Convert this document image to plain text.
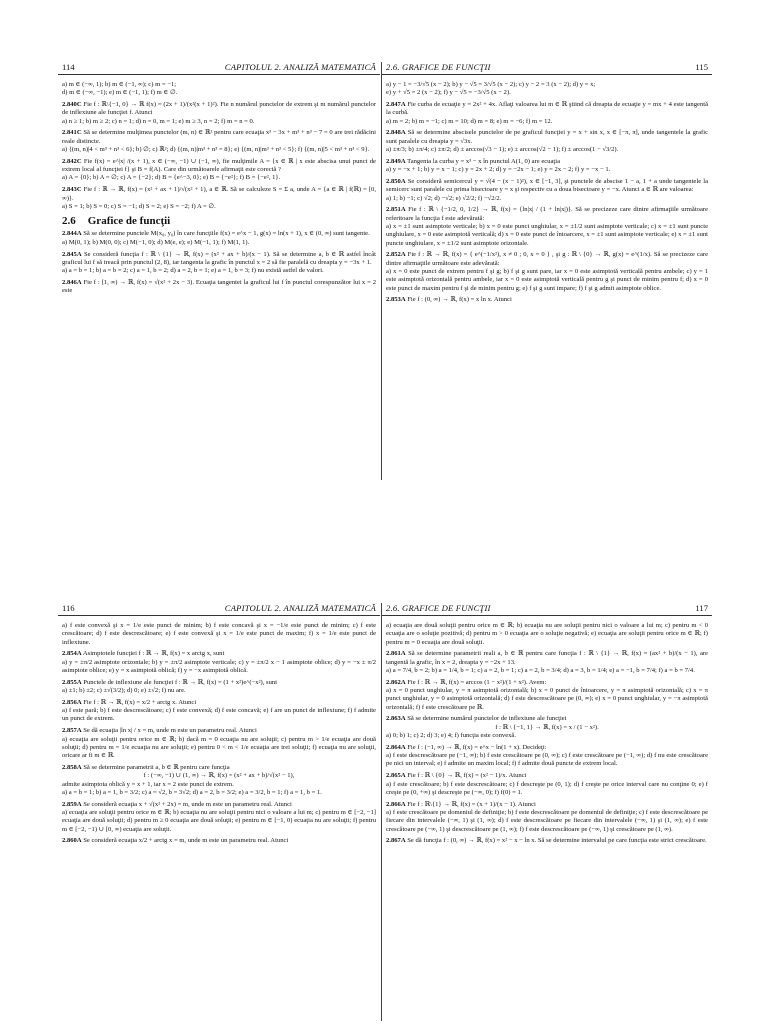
114	CAPITOLUL 2. ANALIZĂ MATEMATICĂ
a) m ∈ (−∞, 1); b) m ∈ (−1, ∞); c) m = −1;
d) m ∈ (−∞, −1); e) m ∈ (−1, 1); f) m ∈ ∅.
2.840C Fie f : ℝ\{−1, 0} → ℝ f(x) = (2x + 1)/(x²(x + 1)²). Fie n numărul punctelor de extrem şi m numărul punctelor de inflexiune ale funcţiei f. Atunci
a) n ≥ 1; b) m ≥ 2; c) n = 1; d) n = 0, m = 1; e) m ≥ 3, n = 2; f) m = n = 0.
2.841C Să se determine mulţimea punctelor (m, n) ∈ ℝ² pentru care ecuaţia x³ − 3x + m³ + n³ − 7 = 0 are trei rădăcini reale distincte.
a) {(m, n)|4 < m³ + n³ < 6}; b) ∅; c) ℝ²; d) {(m, n)|m³ + n³ = 8}; e) {(m, n)|m³ + n³ < 5}; f) {(m, n)|5 < m³ + n³ < 9}.
2.842C Fie f(x) = e^|x| /(x + 1), x ∈ (−∞, −1) ∪ (−1, ∞), fie mulţimile A = {x ∈ ℝ | x este abscisa unui punct de extrem local al funcţiei f} şi B = f(A). Care din următoarele afirmaţii este corectă ?
a) A = {0}; b) A = ∅; c) A = {−2}; d) B = {e^−3, 0}; e) B = {−e²}; f) B = {−e², 1}.
2.843C Fie f : ℝ → ℝ, f(x) = (x² + ax + 1)/√(x² + 1), a ∈ ℝ. Să se calculeze S = Σ a, unde A = {a ∈ ℝ | f(ℝ) = [0, ∞)}.
a) S = 1; b) S = 0; c) S = −1; d) S = 2; e) S = −2; f) A = ∅.
2.6 Grafice de funcţii
2.844A Să se determine punctele M(x₀, y₀) în care funcţiile f(x) = e^x − 1, g(x) = ln(x + 1), x ∈ (0, ∞) sunt tangente.
a) M(0, 1); b) M(0, 0); c) M(−1, 0); d) M(e, e); e) M(−1, 1); f) M(1, 1).
2.845A Se consideră funcţia f : ℝ \ {1} → ℝ, f(x) = (x² + ax + b)/(x − 1). Să se determine a, b ∈ ℝ astfel încât graficul lui f să treacă prin punctul (2, 8), iar tangenta la grafic în punctul x = 2 să fie paralelă cu dreapta y = −3x + 1.
a) a = b = 1; b) a = b = 2; c) a = 1, b = 2; d) a = 2, b = 1; e) a = 1, b = 3; f) nu există astfel de valori.
2.846A Fie f : [1, ∞) → ℝ, f(x) = √(x² + 2x − 3). Ecuaţia tangentei la graficul lui f în punctul corespunzător lui x = 2 este
2.6. GRAFICE DE FUNCŢII	115
a) y − 1 = −3/√5 (x − 2); b) y − √5 = 3/√5 (x − 2); c) y − 2 = 3 (x − 2); d) y = x;
e) y + √5 = 2 (x − 2); f) y − √5 = −3/√5 (x − 2).
2.847A Fie curba de ecuaţie y = 2x² + 4x. Aflaţi valoarea lui m ∈ ℝ ştiind că dreapta de ecuaţie y = mx + 4 este tangentă la curbă.
a) m = 2; b) m = −1; c) m = 10; d) m = 8; e) m = −6; f) m = 12.
2.848A Să se determine abscisele punctelor de pe graficul funcţiei y = x + sin x, x ∈ [−π, π], unde tangentele la grafic sunt paralele cu dreapta y = √3x.
a) ±π/3; b) ±π/4; c) ±π/2; d) ± arccos(√3 − 1); e) ± arccos(√2 − 1); f) ± arccos(1 − √3/2).
2.849A Tangenta la curba y = x³ − x în punctul A(1, 0) are ecuaţia
a) y = −x + 1; b) y = x − 1; c) y = 2x + 2; d) y = −2x − 1; e) y = 2x − 2; f) y = −x − 1.
2.850A Se consideră semicercul y = √(4 − (x − 1)²), x ∈ [−1, 3], şi punctele de abscise 1 − a, 1 + a unde tangentele la semicerc sunt paralele cu prima bisectoare y = x şi respectiv cu a doua bisectoare y = −x. Atunci a ∈ ℝ are valoarea:
a) 1; b) −1; c) √2; d) −√2; e) √2/2; f) −√2/2.
2.851A Fie f : ℝ \ {−1/2, 0, 1/2} → ℝ, f(x) = {ln|x| / (1 + ln|x|)}. Să se precizeze care dintre afirmaţiile următoare referitoare la funcţia f este adevărată:
a) x = ±1 sunt asimptote verticale; b) x = 0 este punct unghiular, x = ±1/2 sunt asimptote verticale; c) x = ±1 sunt puncte unghiulare, x = 0 este asimptotă verticală; d) x = 0 este punct de întoarcere, x = ±1 sunt asimptote verticale; e) x = ±1 sunt puncte unghiulare, x = ±1/2 sunt asimptote orizontale.
2.852A Fie f : ℝ → ℝ, f(x) = { e^(−1/x²), x ≠ 0 ; 0, x = 0 } , şi g : ℝ \ {0} → ℝ, g(x) = e^(1/x). Să se precizeze care dintre afirmaţiile următoare este adevărată:
a) x = 0 este punct de extrem pentru f şi g; b) f şi g sunt pare, iar x = 0 este asimptotă verticală pentru ambele; c) y = 1 este asimptotă orizontală pentru ambele, iar x = 0 este asimptotă verticală pentru g şi punct de minim pentru f; d) x = 0 este punct de maxim pentru f şi de minim pentru g; e) f şi g sunt impare; f) f şi g admit asimptote oblice.
2.853A Fie f : (0, ∞) → ℝ, f(x) = x ln x. Atunci
116	CAPITOLUL 2. ANALIZĂ MATEMATICĂ
a) f este convexă şi x = 1/e este punct de minim; b) f este concavă şi x = −1/e este punct de minim; c) f este crescătoare; d) f este descrescătoare; e) f este convexă şi x = 1/e este punct de maxim; f) x = 1/e este punct de inflexiune.
2.854A Asimptotele funcţiei f : ℝ → ℝ, f(x) = x arctg x, sunt
a) y = ±π/2 asimptote orizontale; b) y = ±π/2 asimptote verticale; c) y = ±π/2 x − 1 asimptote oblice; d) y = −x ± π/2 asimptote oblice; e) y = x asimptotă oblică; f) y = −x asimptotă oblică.
2.855A Punctele de inflexiune ale funcţiei f : ℝ → ℝ, f(x) = (1 + x²)e^(−x²), sunt
a) ±1; b) ±2; c) ±√(3/2); d) 0; e) ±√2; f) nu are.
2.856A Fie f : ℝ → ℝ, f(x) = x/2 + arctg x. Atunci
a) f este pară; b) f este descrescătoare; c) f este convexă; d) f este concavă; e) f are un punct de inflexiune; f) f admite un punct de extrem.
2.857A Se dă ecuaţia |ln x| / x = m, unde m este un parametru real. Atunci
a) ecuaţia are soluţii pentru orice m ∈ ℝ; b) dacă m = 0 ecuaţia nu are soluţii; c) pentru m > 1/e ecuaţia are două soluţii; d) pentru m = 1/e ecuaţia nu are soluţii; e) pentru 0 < m < 1/e ecuaţia are trei soluţii; f) ecuaţia nu are soluţii, oricare ar fi m ∈ ℝ.
2.858A Să se determine parametrii a, b ∈ ℝ pentru care funcţia
f : (−∞, −1) ∪ (1, ∞) → ℝ, f(x) = (x² + ax + b)/√(x² − 1),
admite asimptota oblică y = x + 1, iar x = 2 este punct de extrem.
a) a = b = 1; b) a = 1, b = 3/2; c) a = √2, b = 3√2; d) a = 2, b = 3/2; e) a = 3/2, b = 1; f) a = 1, b = 1.
2.859A Se consideră ecuaţia x + √(x² + 2x) = m, unde m este un parametru real. Atunci
a) ecuaţia are soluţii pentru orice m ∈ ℝ; b) ecuaţia nu are soluţii pentru nici o valoare a lui m; c) pentru m ∈ [−2, −1] ecuaţia are două soluţii; d) pentru m ≥ 0 ecuaţia are două soluţii; e) pentru m ∈ [−1, 0) ecuaţia nu are soluţii; f) pentru m ∈ [−2, −1) ∪ [0, ∞) ecuaţia are soluţii.
2.860A Se consideră ecuaţia x/2 + arctg x = m, unde m este un parametru real. Atunci
2.6. GRAFICE DE FUNCŢII	117
a) ecuaţia are două soluţii pentru orice m ∈ ℝ; b) ecuaţia nu are soluţii pentru nici o valoare a lui m; c) pentru m < 0 ecuaţia are o soluţie pozitivă; d) pentru m > 0 ecuaţia are o soluţie negativă; e) ecuaţia are soluţii pentru orice m ∈ ℝ; f) pentru m = 0 ecuaţia are două soluţii.
2.861A Să se determine parametrii reali a, b ∈ ℝ pentru care funcţia f : ℝ \ {1} → ℝ, f(x) = (ax² + b)/(x − 1), are tangentă la grafic, în x = 2, dreapta y = −2x + 13.
a) a = 7/4, b = 2; b) a = 1/4, b = 1; c) a = 2, b = 1; c) a = 2, b = 3/4; d) a = 3, b = 1/4; e) a = −1, b = 7/4; f) a = b = 7/4.
2.862A Fie f : ℝ → ℝ, f(x) = arccos (1 − x²)/(1 + x²). Avem:
a) x = 0 punct unghiular, y = π asimptotă orizontală; b) x = 0 punct de întoarcere, y = π asimptotă orizontală; c) x = π punct unghiular, y = 0 asimptotă orizontală; d) f este descrescătoare pe (0, ∞); e) x = 0 punct unghiular, y = −π asimptotă orizontală; f) f este crescătoare pe ℝ.
2.863A Să se determine numărul punctelor de inflexiune ale funcţiei
f : ℝ \ {−1, 1} → ℝ, f(x) = x / (1 − x²).
a) 0; b) 1; c) 2; d) 3; e) 4; f) funcţia este convexă.
2.864A Fie f : (−1, ∞) → ℝ, f(x) = e^x − ln(1 + x). Decideţi:
a) f este descrescătoare pe (−1, ∞); b) f este crescătoare pe (0, ∞); c) f este crescătoare pe (−1, ∞); d) f nu este crescătoare pe nici un interval; e) f admite un maxim local; f) f admite două puncte de extrem local.
2.865A Fie f : ℝ \ {0} → ℝ, f(x) = (x² − 1)/x. Atunci
a) f este crescătoare; b) f este descrescătoare; c) f descreşte pe (0, 1); d) f creşte pe orice interval care nu conţine 0; e) f creşte pe (0, +∞) şi descreşte pe (−∞, 0); f) f(0) = 1.
2.866A Fie f : ℝ\{1} → ℝ, f(x) = (x + 1)/(x − 1). Atunci
a) f este crescătoare pe domeniul de definiţie; b) f este descrescătoare pe domeniul de definiţie; c) f este descrescătoare pe fiecare din intervalele (−∞, 1) şi (1, ∞); d) f este descrescătoare pe fiecare din intervalele (−∞, 1) şi (1, ∞); e) f este crescătoare pe (−∞, 1) şi descrescătoare pe (1, ∞); f) f este descrescătoare pe (−∞, 1) şi crescătoare pe (1, ∞).
2.867A Se dă funcţia f : (0, ∞) → ℝ, f(x) = x² − x − ln x. Să se determine intervalul pe care funcţia este strict crescătoare.
